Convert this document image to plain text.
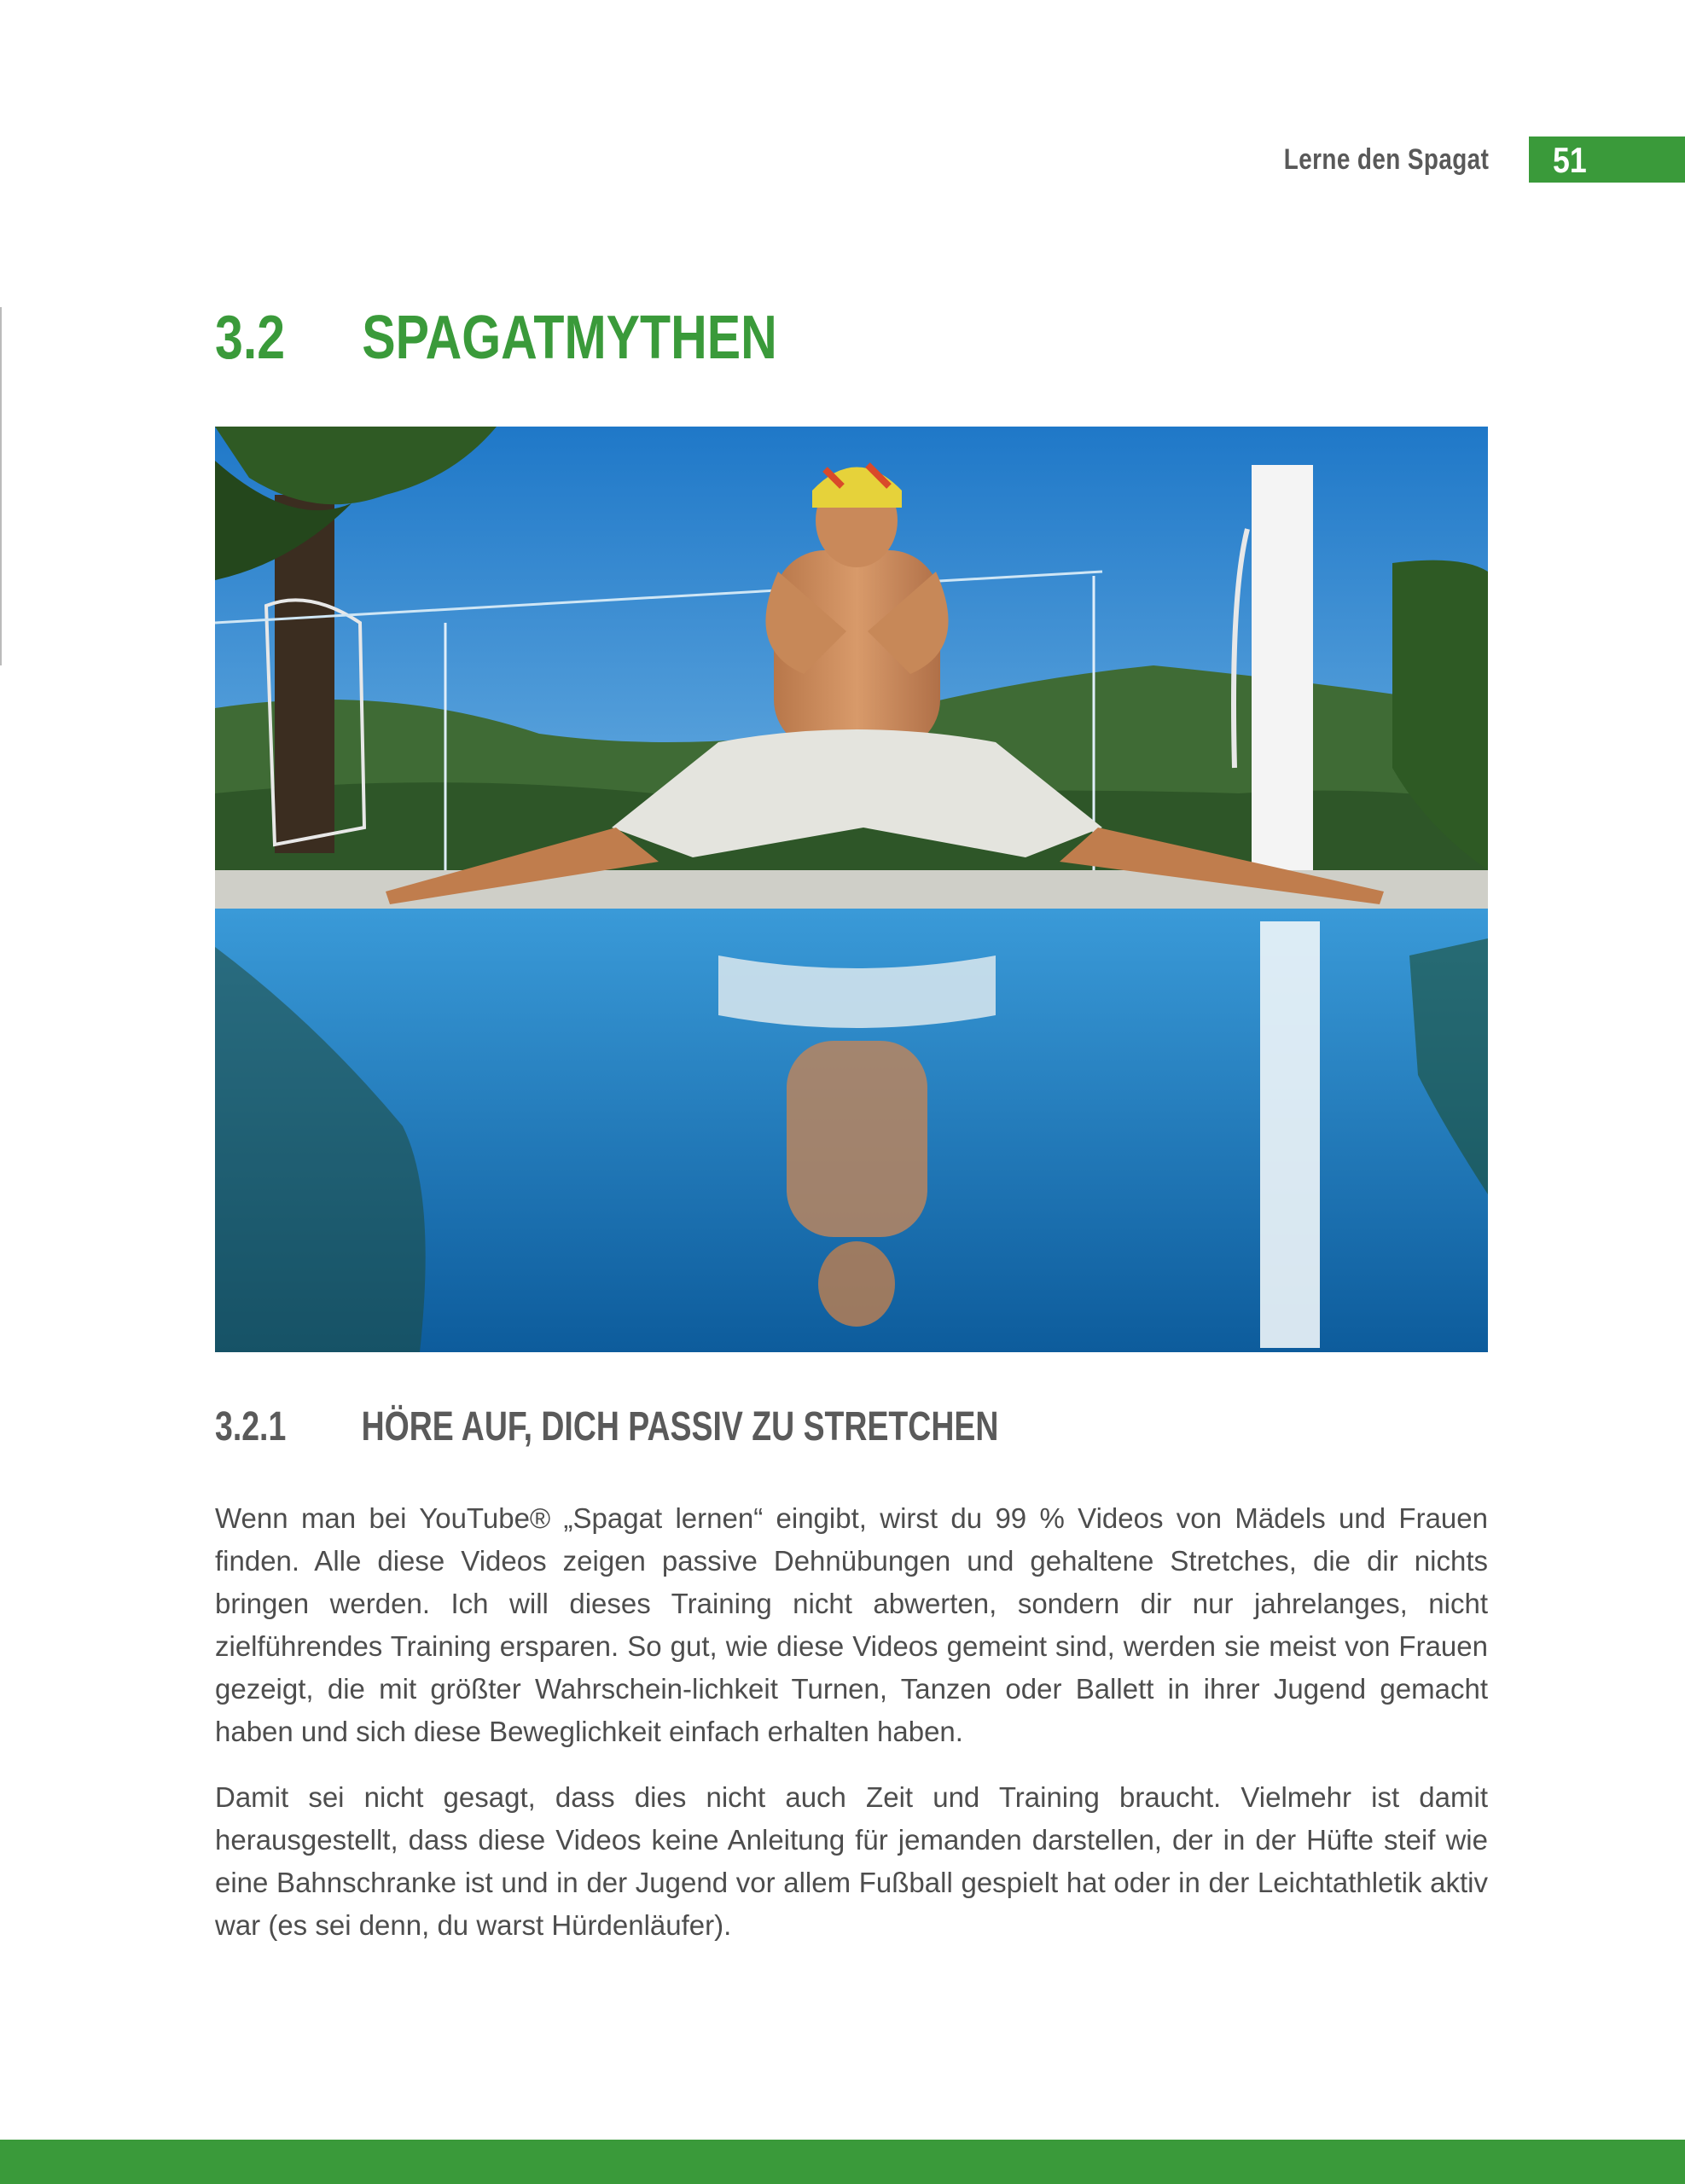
Lerne den Spagat 51
3.2 SPAGATMYTHEN
3.2.1 HÖRE AUF, DICH PASSIV ZU STRETCHEN

Wenn man bei YouTube® „Spagat lernen“ eingibt, wirst du 99 % Videos von Mädels und Frauen finden. Alle diese Videos zeigen passive Dehnübungen und gehaltene Stretches, die dir nichts bringen werden. Ich will dieses Training nicht abwerten, sondern dir nur jahrelanges, nicht zielführendes Training ersparen. So gut, wie diese Videos gemeint sind, werden sie meist von Frauen gezeigt, die mit größter Wahrschein-lichkeit Turnen, Tanzen oder Ballett in ihrer Jugend gemacht haben und sich diese Beweglichkeit einfach erhalten haben.

Damit sei nicht gesagt, dass dies nicht auch Zeit und Training braucht. Vielmehr ist damit herausgestellt, dass diese Videos keine Anleitung für jemanden darstellen, der in der Hüfte steif wie eine Bahnschranke ist und in der Jugend vor allem Fußball gespielt hat oder in der Leichtathletik aktiv war (es sei denn, du warst Hürdenläufer).
